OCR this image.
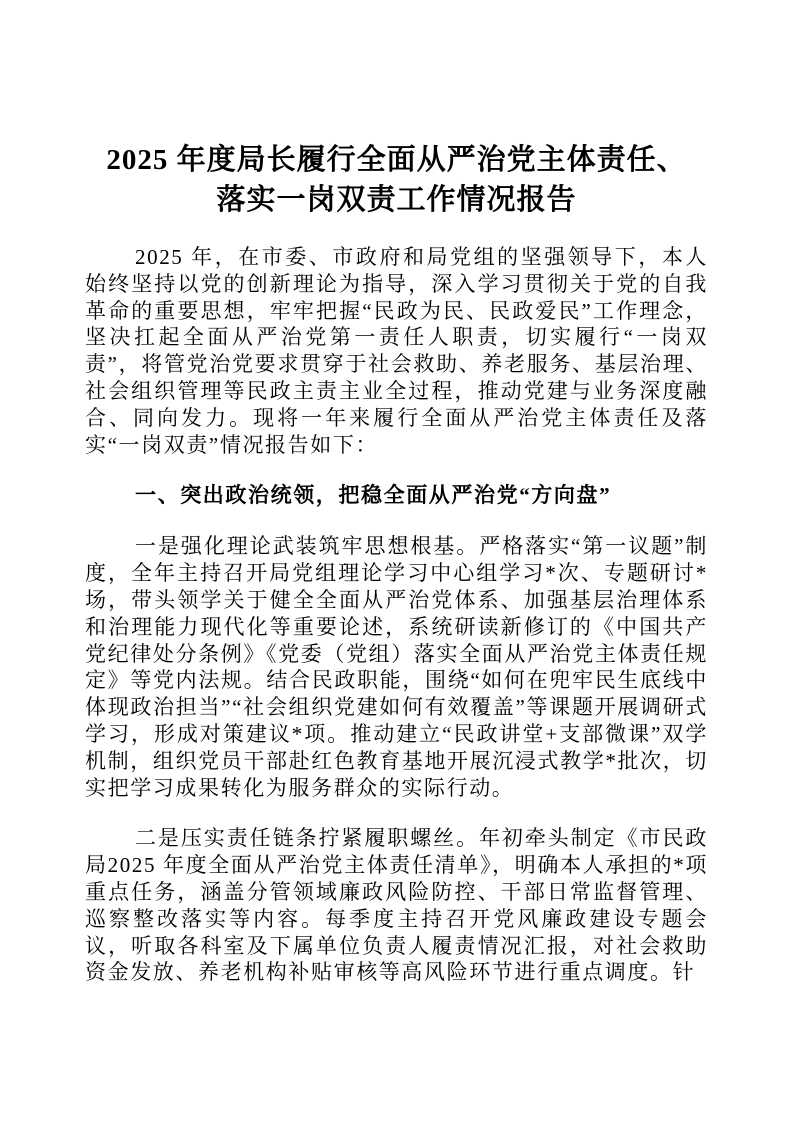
2025 年度局长履行全面从严治党主体责任、
落实一岗双责工作情况报告

2025 年，在市委、市政府和局党组的坚强领导下，本人始终坚持以党的创新理论为指导，深入学习贯彻关于党的自我革命的重要思想，牢牢把握“民政为民、民政爱民”工作理念，坚决扛起全面从严治党第一责任人职责，切实履行“一岗双责”，将管党治党要求贯穿于社会救助、养老服务、基层治理、社会组织管理等民政主责主业全过程，推动党建与业务深度融合、同向发力。现将一年来履行全面从严治党主体责任及落实“一岗双责”情况报告如下：

一、突出政治统领，把稳全面从严治党“方向盘”

一是强化理论武装筑牢思想根基。严格落实“第一议题”制度，全年主持召开局党组理论学习中心组学习*次、专题研讨*场，带头领学关于健全全面从严治党体系、加强基层治理体系和治理能力现代化等重要论述，系统研读新修订的《中国共产党纪律处分条例》《党委（党组）落实全面从严治党主体责任规定》等党内法规。结合民政职能，围绕“如何在兜牢民生底线中体现政治担当”“社会组织党建如何有效覆盖”等课题开展调研式学习，形成对策建议*项。推动建立“民政讲堂+支部微课”双学机制，组织党员干部赴红色教育基地开展沉浸式教学*批次，切实把学习成果转化为服务群众的实际行动。

二是压实责任链条拧紧履职螺丝。年初牵头制定《市民政局2025 年度全面从严治党主体责任清单》，明确本人承担的*项重点任务，涵盖分管领域廉政风险防控、干部日常监督管理、巡察整改落实等内容。每季度主持召开党风廉政建设专题会议，听取各科室及下属单位负责人履责情况汇报，对社会救助资金发放、养老机构补贴审核等高风险环节进行重点调度。针
